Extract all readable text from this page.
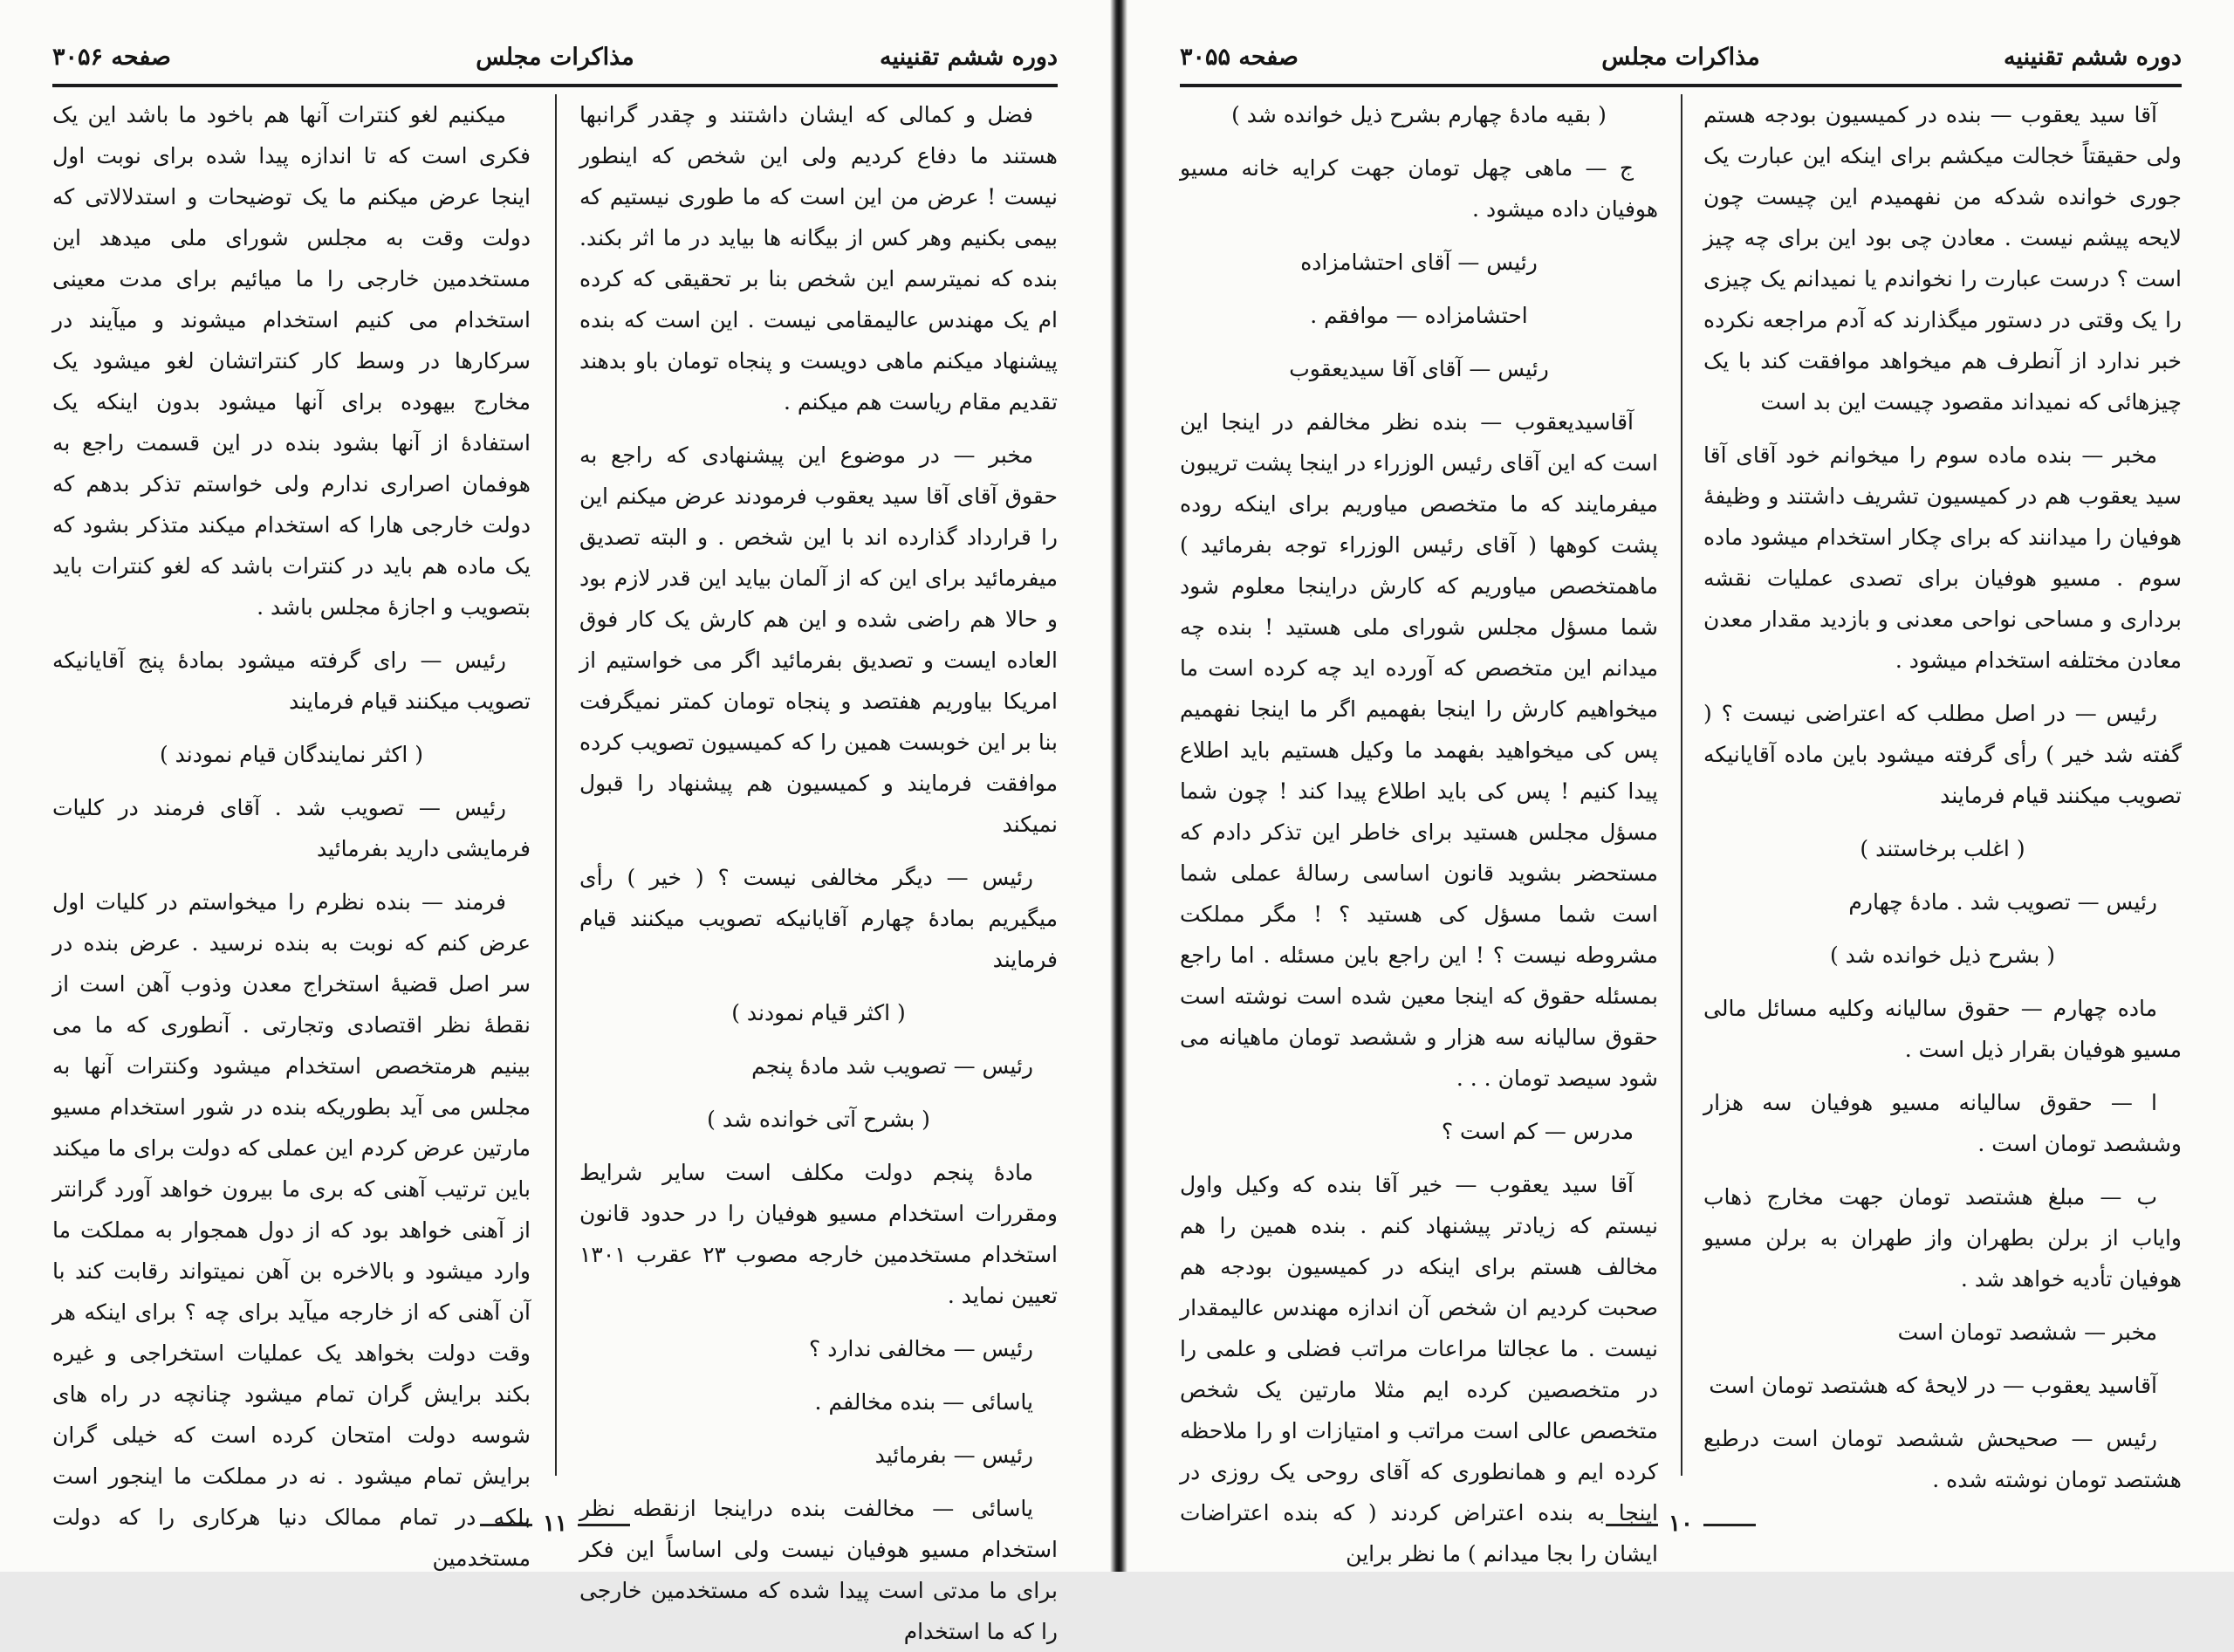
دوره ششم تقنینیه
مذاکرات مجلس
صفحه ۳۰۵۶

فضل و کمالی که ایشان داشتند و چقدر گرانبها هستند ما دفاع کردیم ولی این شخص که اینطور نیست ! عرض من این است که ما طوری نیستیم که بیمی بکنیم وهر کس از بیگانه ها بیاید در ما اثر بکند. بنده که نمیترسم این شخص بنا بر تحقیقی که کرده ام یک مهندس عالیمقامی نیست . این است که بنده پیشنهاد میکنم ماهی دویست و پنجاه تومان باو بدهند تقدیم مقام ریاست هم میکنم .

مخبر — در موضوع این پیشنهادی که راجع به حقوق آقای آقا سید یعقوب فرمودند عرض میکنم این را قرارداد گذارده اند با این شخص . و البته تصدیق میفرمائید برای این که از آلمان بیاید این قدر لازم بود و حالا هم راضی شده و این هم کارش یک کار فوق العاده ایست و تصدیق بفرمائید اگر می خواستیم از امریکا بیاوریم هفتصد و پنجاه تومان کمتر نمیگرفت بنا بر این خوبست همین را که کمیسیون تصویب کرده موافقت فرمایند و کمیسیون هم پیشنهاد را قبول نمیکند

رئیس — دیگر مخالفی نیست ؟ ( خیر ) رأی میگیریم بمادهٔ چهارم آقایانیکه تصویب میکنند قیام فرمایند

( اکثر قیام نمودند )

رئیس — تصویب شد مادهٔ پنجم

( بشرح آتی خوانده شد )

مادهٔ پنجم دولت مکلف است سایر شرایط ومقررات استخدام مسیو هوفیان را در حدود قانون استخدام مستخدمین خارجه مصوب ۲۳ عقرب ۱۳۰۱ تعیین نماید .

رئیس — مخالفی ندارد ؟

یاسائی — بنده مخالفم .

رئیس — بفرمائید

یاسائی — مخالفت بنده دراینجا ازنقطه نظر استخدام مسیو هوفیان نیست ولی اساساً این فکر برای ما مدتی است پیدا شده که مستخدمین خارجی را که ما استخدام

میکنیم لغو کنترات آنها هم باخود ما باشد این یک فکری است که تا اندازه پیدا شده برای نوبت اول اینجا عرض میکنم ما یک توضیحات و استدلالاتی که دولت وقت به مجلس شورای ملی میدهد این مستخدمین خارجی را ما میائیم برای مدت معینی استخدام می کنیم استخدام میشوند و میآیند در سرکارها در وسط کار کنتراتشان لغو میشود یک مخارج بیهوده برای آنها میشود بدون اینکه یک استفادهٔ از آنها بشود بنده در این قسمت راجع به هوفمان اصراری ندارم ولی خواستم تذکر بدهم که دولت خارجی هارا که استخدام میکند متذکر بشود که یک ماده هم باید در کنترات باشد که لغو کنترات باید بتصویب و اجازهٔ مجلس باشد .

رئیس — رای گرفته میشود بمادهٔ پنج آقایانیکه تصویب میکنند قیام فرمایند

( اکثر نمایندگان قیام نمودند )

رئیس — تصویب شد . آقای فرمند در کلیات فرمایشی دارید بفرمائید

فرمند — بنده نظرم را میخواستم در کلیات اول عرض کنم که نوبت به بنده نرسید . عرض بنده در سر اصل قضیهٔ استخراج معدن وذوب آهن است از نقطهٔ نظر اقتصادی وتجارتی . آنطوری که ما می بینیم هرمتخصص استخدام میشود وکنترات آنها به مجلس می آید بطوریکه بنده در شور استخدام مسیو مارتین عرض کردم این عملی که دولت برای ما میکند باین ترتیب آهنی که بری ما بیرون خواهد آورد گرانتر از آهنی خواهد بود که از دول همجوار به مملکت ما وارد میشود و بالاخره بن آهن نمیتواند رقابت کند با آن آهنی که از خارجه میآید برای چه ؟ برای اینکه هر وقت دولت بخواهد یک عملیات استخراجی و غیره بکند برایش گران تمام میشود چنانچه در راه های شوسه دولت امتحان کرده است که خیلی گران برایش تمام میشود . نه در مملکت ما اینجور است بلکه در تمام ممالک دنیا هرکاری را که دولت مستخدمین

۱۱
دوره ششم تقنینیه
مذاکرات مجلس
صفحه ۳۰۵۵

آقا سید یعقوب — بنده در کمیسیون بودجه هستم ولی حقیقتاً خجالت میکشم برای اینکه این عبارت یک جوری خوانده شدکه من نفهمیدم این چیست چون لایحه پیشم نیست . معادن چی بود این برای چه چیز است ؟ درست عبارت را نخواندم یا نمیدانم یک چیزی را یک وقتی در دستور میگذارند که آدم مراجعه نکرده خبر ندارد از آنطرف هم میخواهد موافقت کند با یک چیزهائی که نمیداند مقصود چیست این بد است

مخبر — بنده ماده سوم را میخوانم خود آقای آقا سید یعقوب هم در کمیسیون تشریف داشتند و وظیفهٔ هوفیان را میدانند که برای چکار استخدام میشود ماده سوم . مسیو هوفیان برای تصدی عملیات نقشه برداری و مساحی نواحی معدنی و بازدید مقدار معدن معادن مختلفه استخدام میشود .

رئیس — در اصل مطلب که اعتراضی نیست ؟ ( گفته شد خیر ) رأی گرفته میشود باین ماده آقایانیکه تصویب میکنند قیام فرمایند

( اغلب برخاستند )

رئیس — تصویب شد . مادهٔ چهارم

( بشرح ذیل خوانده شد )

ماده چهارم — حقوق سالیانه وکلیه مسائل مالی مسیو هوفیان بقرار ذیل است .

ا — حقوق سالیانه مسیو هوفیان سه هزار وششصد تومان است .

ب — مبلغ هشتصد تومان جهت مخارج ذهاب وایاب از برلن بطهران واز طهران به برلن مسیو هوفیان تأدیه خواهد شد .

مخبر — ششصد تومان است

آقاسید یعقوب — در لایحهٔ که هشتصد تومان است

رئیس — صحیحش ششصد تومان است درطبع هشتصد تومان نوشته شده .

( بقیه مادهٔ چهارم بشرح ذیل خوانده شد )

ج — ماهی چهل تومان جهت کرایه خانه مسیو هوفیان داده میشود .

رئیس — آقای احتشامزاده

احتشامزاده — موافقم .

رئیس — آقای آقا سیدیعقوب

آقاسیدیعقوب — بنده نظر مخالفم در اینجا این است که این آقای رئیس الوزراء در اینجا پشت تریبون میفرمایند که ما متخصص میاوریم برای اینکه روده پشت کوهها ( آقای رئیس الوزراء توجه بفرمائید ) ماهمتخصص میاوریم که کارش دراینجا معلوم شود شما مسؤل مجلس شورای ملی هستید ! بنده چه میدانم این متخصص که آورده اید چه کرده است ما میخواهیم کارش را اینجا بفهمیم اگر ما اینجا نفهمیم پس کی میخواهید بفهمد ما وکیل هستیم باید اطلاع پیدا کنیم ! پس کی باید اطلاع پیدا کند ! چون شما مسؤل مجلس هستید برای خاطر این تذکر دادم که مستحضر بشوید قانون اساسی رسالهٔ عملی شما است شما مسؤل کی هستید ؟ ! مگر مملکت مشروطه نیست ؟ ! این راجع باین مسئله . اما راجع بمسئله حقوق که اینجا معین شده است نوشته است حقوق سالیانه سه هزار و ششصد تومان ماهیانه می شود سیصد تومان . . .

مدرس — کم است ؟

آقا سید یعقوب — خیر آقا بنده که وکیل واول نیستم که زیادتر پیشنهاد کنم . بنده همین را هم مخالف هستم برای اینکه در کمیسیون بودجه هم صحبت کردیم ان شخص آن اندازه مهندس عالیمقدار نیست . ما عجالتا مراعات مراتب فضلی و علمی را در متخصصین کرده ایم مثلا مارتین یک شخص متخصص عالی است مراتب و امتیازات او را ملاحظه کرده ایم و همانطوری که آقای روحی یک روزی در اینجا به بنده اعتراض کردند ( که بنده اعتراضات ایشان را بجا میدانم ) ما نظر براین

۱۰
